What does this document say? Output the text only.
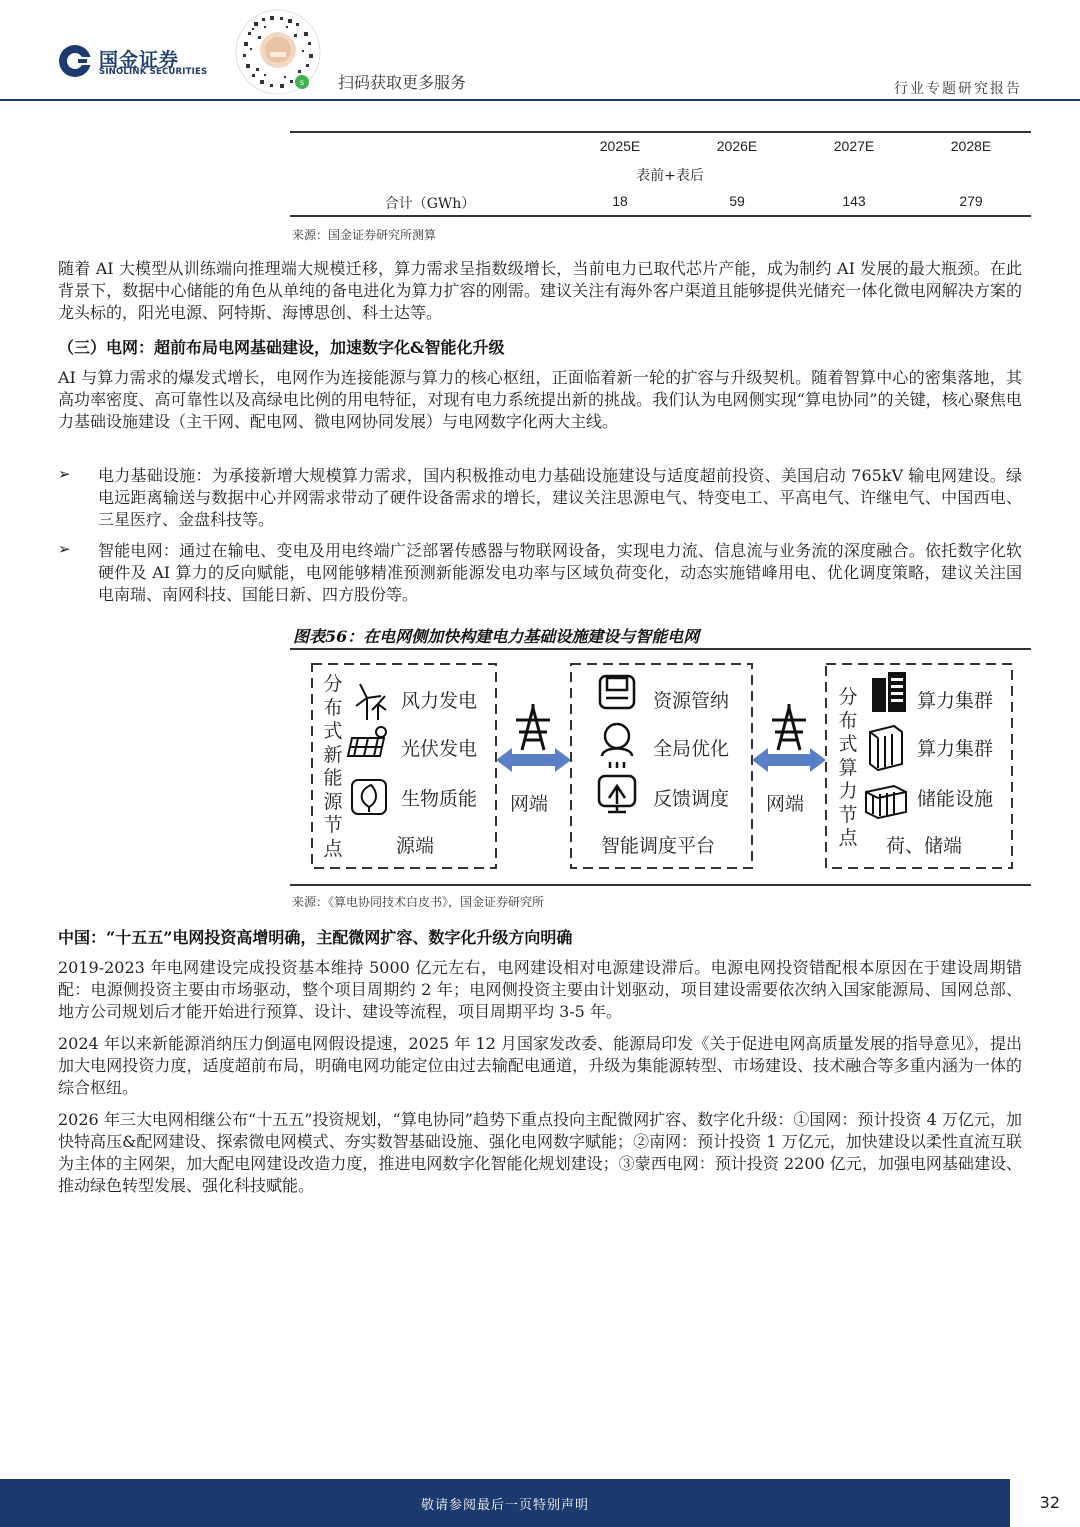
国金证券
SINOLINK SECURITIES
s 扫码获取更多服务	行业专题研究报告
2025E	2026E	2027E	2028E
表前+表后
合计（GWh）	18	59	143	279
来源：国金证券研究所测算
随着 AI 大模型从训练端向推理端大规模迁移，算力需求呈指数级增长，当前电力已取代芯片产能，成为制约 AI 发展的最大瓶颈。在此背景下，数据中心储能的角色从单纯的备电进化为算力扩容的刚需。建议关注有海外客户渠道且能够提供光储充一体化微电网解决方案的龙头标的，阳光电源、阿特斯、海博思创、科士达等。
（三）电网：超前布局电网基础建设，加速数字化&智能化升级
AI 与算力需求的爆发式增长，电网作为连接能源与算力的核心枢纽，正面临着新一轮的扩容与升级契机。随着智算中心的密集落地，其高功率密度、高可靠性以及高绿电比例的用电特征，对现有电力系统提出新的挑战。我们认为电网侧实现“算电协同”的关键，核心聚焦电力基础设施建设（主干网、配电网、微电网协同发展）与电网数字化两大主线。
➢ 电力基础设施：为承接新增大规模算力需求，国内积极推动电力基础设施建设与适度超前投资、美国启动 765kV 输电网建设。绿电远距离输送与数据中心并网需求带动了硬件设备需求的增长，建议关注思源电气、特变电工、平高电气、许继电气、中国西电、三星医疗、金盘科技等。
➢ 智能电网：通过在输电、变电及用电终端广泛部署传感器与物联网设备，实现电力流、信息流与业务流的深度融合。依托数字化软硬件及 AI 算力的反向赋能，电网能够精准预测新能源发电功率与区域负荷变化，动态实施错峰用电、优化调度策略，建议关注国电南瑞、南网科技、国能日新、四方股份等。
图表56：在电网侧加快构建电力基础设施建设与智能电网
分布式新能源节点
风力发电
光伏发电
生物质能
源端
网端
资源管纳
全局优化
反馈调度
智能调度平台
网端
分布式算力节点
算力集群
算力集群
储能设施
荷、储端
来源：《算电协同技术白皮书》，国金证券研究所
中国：“十五五”电网投资高增明确，主配微网扩容、数字化升级方向明确
2019-2023 年电网建设完成投资基本维持 5000 亿元左右，电网建设相对电源建设滞后。电源电网投资错配根本原因在于建设周期错配：电源侧投资主要由市场驱动，整个项目周期约 2 年；电网侧投资主要由计划驱动，项目建设需要依次纳入国家能源局、国网总部、地方公司规划后才能开始进行预算、设计、建设等流程，项目周期平均 3-5 年。
2024 年以来新能源消纳压力倒逼电网假设提速，2025 年 12 月国家发改委、能源局印发《关于促进电网高质量发展的指导意见》，提出加大电网投资力度，适度超前布局，明确电网功能定位由过去输配电通道，升级为集能源转型、市场建设、技术融合等多重内涵为一体的综合枢纽。
2026 年三大电网相继公布“十五五”投资规划，“算电协同”趋势下重点投向主配微网扩容、数字化升级：①国网：预计投资 4 万亿元，加快特高压&配网建设、探索微电网模式、夯实数智基础设施、强化电网数字赋能；②南网：预计投资 1 万亿元，加快建设以柔性直流互联为主体的主网架，加大配电网建设改造力度，推进电网数字化智能化规划建设；③蒙西电网：预计投资 2200 亿元，加强电网基础建设、推动绿色转型发展、强化科技赋能。
敬请参阅最后一页特别声明	32
